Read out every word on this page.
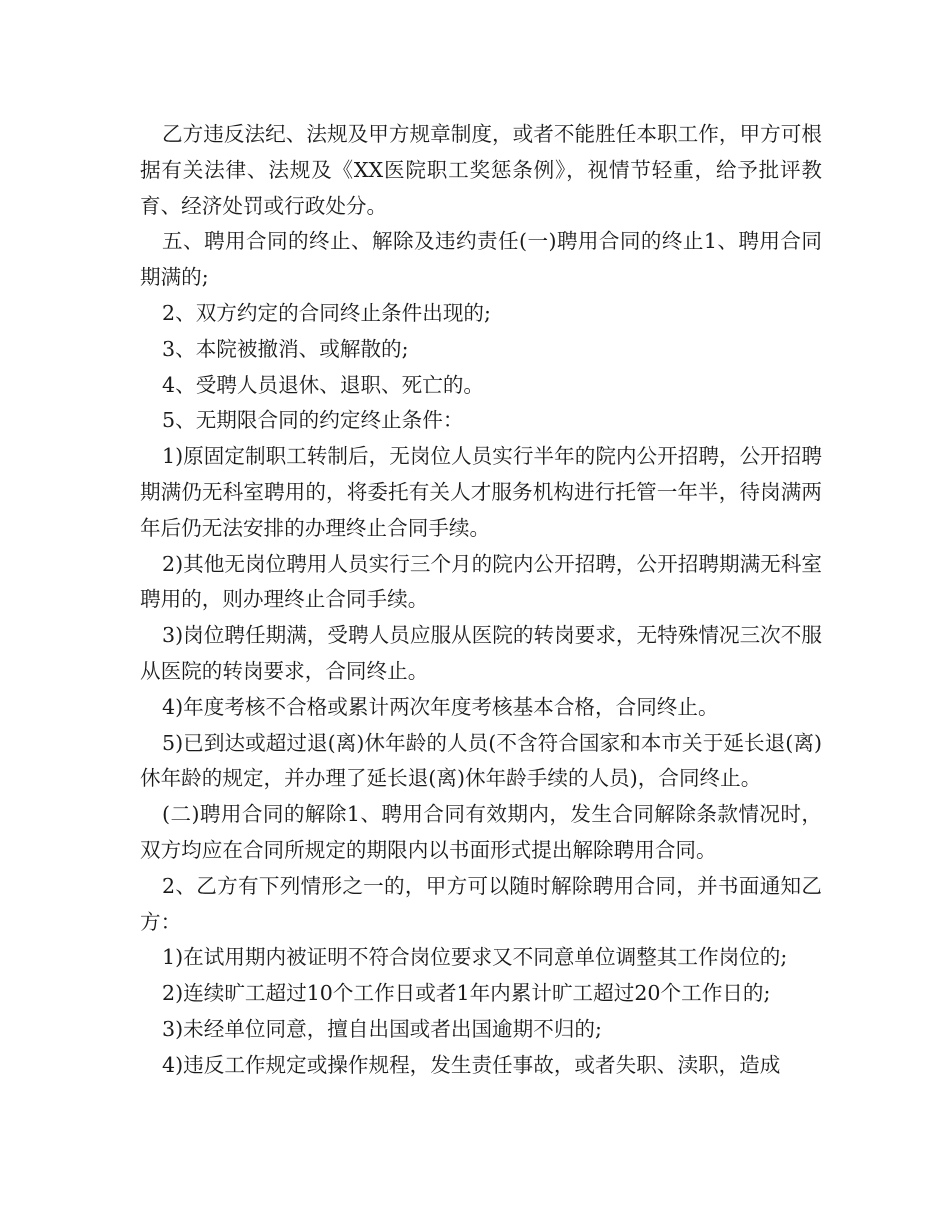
乙方违反法纪、法规及甲方规章制度，或者不能胜任本职工作，甲方可根据有关法律、法规及《XX医院职工奖惩条例》，视情节轻重，给予批评教育、经济处罚或行政处分。

五、聘用合同的终止、解除及违约责任(一)聘用合同的终止1、聘用合同期满的;

2、双方约定的合同终止条件出现的;

3、本院被撤消、或解散的;

4、受聘人员退休、退职、死亡的。

5、无期限合同的约定终止条件：

1)原固定制职工转制后，无岗位人员实行半年的院内公开招聘，公开招聘期满仍无科室聘用的，将委托有关人才服务机构进行托管一年半，待岗满两年后仍无法安排的办理终止合同手续。

2)其他无岗位聘用人员实行三个月的院内公开招聘，公开招聘期满无科室聘用的，则办理终止合同手续。

3)岗位聘任期满，受聘人员应服从医院的转岗要求，无特殊情况三次不服从医院的转岗要求，合同终止。

4)年度考核不合格或累计两次年度考核基本合格，合同终止。

5)已到达或超过退(离)休年龄的人员(不含符合国家和本市关于延长退(离)休年龄的规定，并办理了延长退(离)休年龄手续的人员)，合同终止。

(二)聘用合同的解除1、聘用合同有效期内，发生合同解除条款情况时，双方均应在合同所规定的期限内以书面形式提出解除聘用合同。

2、乙方有下列情形之一的，甲方可以随时解除聘用合同，并书面通知乙方：

1)在试用期内被证明不符合岗位要求又不同意单位调整其工作岗位的;

2)连续旷工超过10个工作日或者1年内累计旷工超过20个工作日的;

3)未经单位同意，擅自出国或者出国逾期不归的;

4)违反工作规定或操作规程，发生责任事故，或者失职、渎职，造成
